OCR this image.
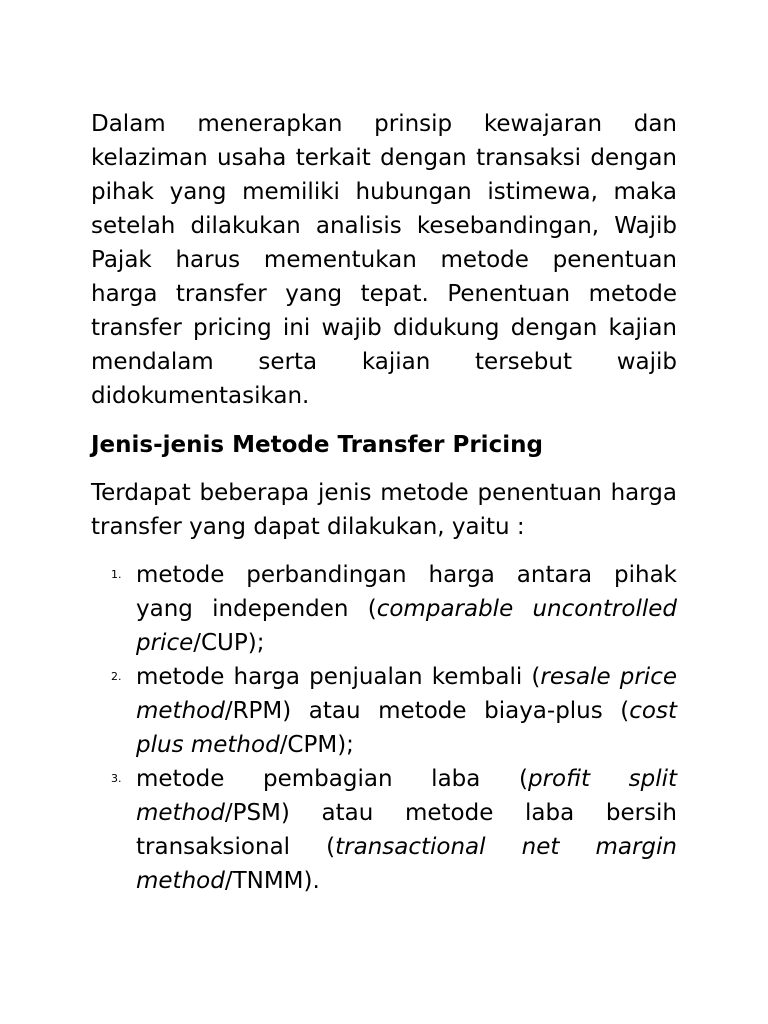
Dalam menerapkan prinsip kewajaran dan kelaziman usaha terkait dengan transaksi dengan pihak yang memiliki hubungan istimewa, maka setelah dilakukan analisis kesebandingan, Wajib Pajak harus mementukan metode penentuan harga transfer yang tepat. Penentuan metode transfer pricing ini wajib didukung dengan kajian mendalam serta kajian tersebut wajib didokumentasikan.

Jenis-jenis Metode Transfer Pricing

Terdapat beberapa jenis metode penentuan harga transfer yang dapat dilakukan, yaitu :

1. metode perbandingan harga antara pihak yang independen (comparable uncontrolled price/CUP);
2. metode harga penjualan kembali (resale price method/RPM) atau metode biaya-plus (cost plus method/CPM);
3. metode pembagian laba (profit split method/PSM) atau metode laba bersih transaksional (transactional net margin method/TNMM).
